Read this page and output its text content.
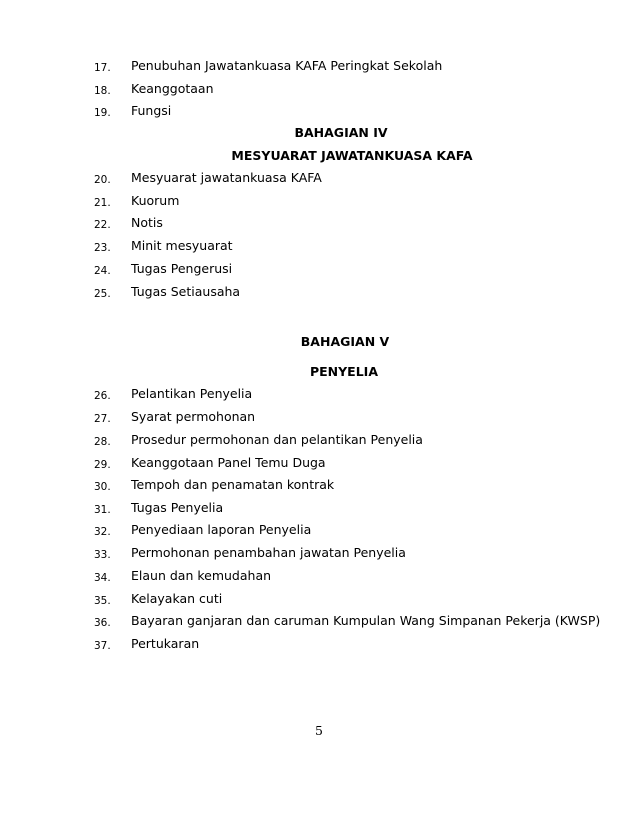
17. Penubuhan Jawatankuasa KAFA Peringkat Sekolah
18. Keanggotaan
19. Fungsi
BAHAGIAN IV
MESYUARAT JAWATANKUASA KAFA
20. Mesyuarat jawatankuasa KAFA
21. Kuorum
22. Notis
23. Minit mesyuarat
24. Tugas Pengerusi
25. Tugas Setiausaha
BAHAGIAN V
PENYELIA
26. Pelantikan Penyelia
27. Syarat permohonan
28. Prosedur permohonan dan pelantikan Penyelia
29. Keanggotaan Panel Temu Duga
30. Tempoh dan penamatan kontrak
31. Tugas Penyelia
32. Penyediaan laporan Penyelia
33. Permohonan penambahan jawatan Penyelia
34. Elaun dan kemudahan
35. Kelayakan cuti
36. Bayaran ganjaran dan caruman Kumpulan Wang Simpanan Pekerja (KWSP)
37. Pertukaran
5
